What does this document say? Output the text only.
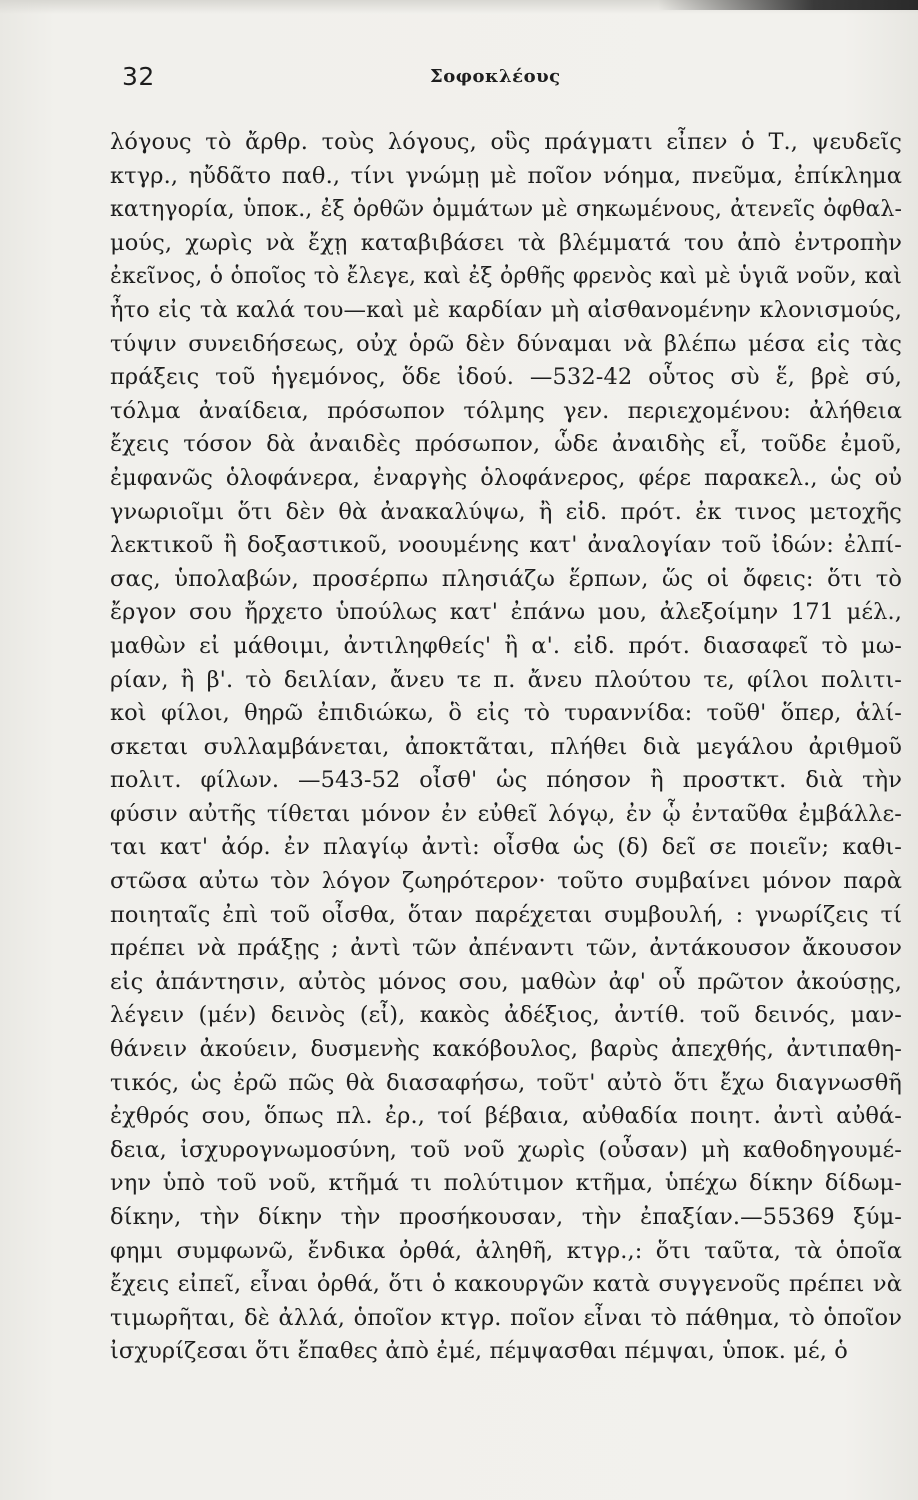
32	Σοφοκλέους
λόγους τὸ ἄρθρ. τοὺς λόγους, οὓς πράγματι εἶπεν ὁ Τ., ψευδεῖς
κτγρ., ηὔδᾶτο παθ., τίνι γνώμῃ μὲ ποῖον νόημα, πνεῦμα, ἐπίκλημα
κατηγορία, ὑποκ., ἐξ ὀρθῶν ὀμμάτων μὲ σηκωμένους, ἀτενεῖς ὀφθαλ-
μούς, χωρὶς νὰ ἔχῃ καταβιβάσει τὰ βλέμματά του ἀπὸ ἐντροπὴν
ἐκεῖνος, ὁ ὁποῖος τὸ ἔλεγε, καὶ ἐξ ὀρθῆς φρενὸς καὶ μὲ ὑγιᾶ νοῦν, καὶ
ἦτο εἰς τὰ καλά του—καὶ μὲ καρδίαν μὴ αἰσθανομένην κλονισμούς,
τύψιν συνειδήσεως, οὐχ ὁρῶ δὲν δύναμαι νὰ βλέπω μέσα εἰς τὰς
πράξεις τοῦ ἡγεμόνος, ὅδε ἰδού. —532-42 οὗτος σὺ ἕ, βρὲ σύ,
τόλμα ἀναίδεια, πρόσωπον τόλμης γεν. περιεχομένου: ἀλήθεια
ἔχεις τόσον δὰ ἀναιδὲς πρόσωπον, ὧδε ἀναιδὴς εἶ, τοῦδε ἐμοῦ,
ἐμφανῶς ὁλοφάνερα, ἐναργὴς ὁλοφάνερος, φέρε παρακελ., ὡς οὐ
γνωριοῖμι ὅτι δὲν θὰ ἀνακαλύψω, ἢ εἰδ. πρότ. ἐκ τινος μετοχῆς
λεκτικοῦ ἢ δοξαστικοῦ, νοουμένης κατ' ἀναλογίαν τοῦ ἰδών: ἐλπί-
σας, ὑπολαβών, προσέρπω πλησιάζω ἕρπων, ὥς οἱ ὄφεις: ὅτι τὸ
ἔργον σου ἤρχετο ὑπούλως κατ' ἐπάνω μου, ἀλεξοίμην 171 μέλ.,
μαθὼν εἰ μάθοιμι, ἀντιληφθείς' ἢ α'. εἰδ. πρότ. διασαφεῖ τὸ μω-
ρίαν, ἢ β'. τὸ δειλίαν, ἄνευ τε π. ἄνευ πλούτου τε, φίλοι πολιτι-
κοὶ φίλοι, θηρῶ ἐπιδιώκω, ὃ εἰς τὸ τυραννίδα: τοῦθ' ὅπερ, ἁλί-
σκεται συλλαμβάνεται, ἀποκτᾶται, πλήθει διὰ μεγάλου ἀριθμοῦ
πολιτ. φίλων. —543-52 οἶσθ' ὡς πόησον ἢ προστκτ. διὰ τὴν
φύσιν αὐτῆς τίθεται μόνον ἐν εὐθεῖ λόγῳ, ἐν ᾧ ἐνταῦθα ἐμβάλλε-
ται κατ' ἀόρ. ἐν πλαγίῳ ἀντὶ: οἶσθα ὡς (δ) δεῖ σε ποιεῖν; καθι-
στῶσα αὐτω τὸν λόγον ζωηρότερον· τοῦτο συμβαίνει μόνον παρὰ
ποιηταῖς ἐπὶ τοῦ οἶσθα, ὅταν παρέχεται συμβουλή, : γνωρίζεις τί
πρέπει νὰ πράξῃς ; ἀντὶ τῶν ἀπέναντι τῶν, ἀντάκουσον ἄκουσον
εἰς ἀπάντησιν, αὐτὸς μόνος σου, μαθὼν ἀφ' οὗ πρῶτον ἀκούσῃς,
λέγειν (μέν) δεινὸς (εἶ), κακὸς ἀδέξιος, ἀντίθ. τοῦ δεινός, μαν-
θάνειν ἀκούειν, δυσμενὴς κακόβουλος, βαρὺς ἀπεχθής, ἀντιπαθη-
τικός, ὡς ἐρῶ πῶς θὰ διασαφήσω, τοῦτ' αὐτὸ ὅτι ἔχω διαγνωσθῆ
ἐχθρός σου, ὅπως πλ. ἐρ., τοί βέβαια, αὐθαδία ποιητ. ἀντὶ αὐθά-
δεια, ἰσχυρογνωμοσύνη, τοῦ νοῦ χωρὶς (οὖσαν) μὴ καθοδηγουμέ-
νην ὑπὸ τοῦ νοῦ, κτῆμά τι πολύτιμον κτῆμα, ὑπέχω δίκην δίδωμ-
δίκην, τὴν δίκην τὴν προσήκουσαν, τὴν ἐπαξίαν.—55369 ξύμ-
φημι συμφωνῶ, ἔνδικα ὀρθά, ἀληθῆ, κτγρ.,: ὅτι ταῦτα, τὰ ὁποῖα
ἔχεις εἰπεῖ, εἶναι ὀρθά, ὅτι ὁ κακουργῶν κατὰ συγγενοῦς πρέπει νὰ
τιμωρῆται, δὲ ἀλλά, ὁποῖον κτγρ. ποῖον εἶναι τὸ πάθημα, τὸ ὁποῖον
ἰσχυρίζεσαι ὅτι ἔπαθες ἀπὸ ἐμέ, πέμψασθαι πέμψαι, ὑποκ. μέ, ὁ
